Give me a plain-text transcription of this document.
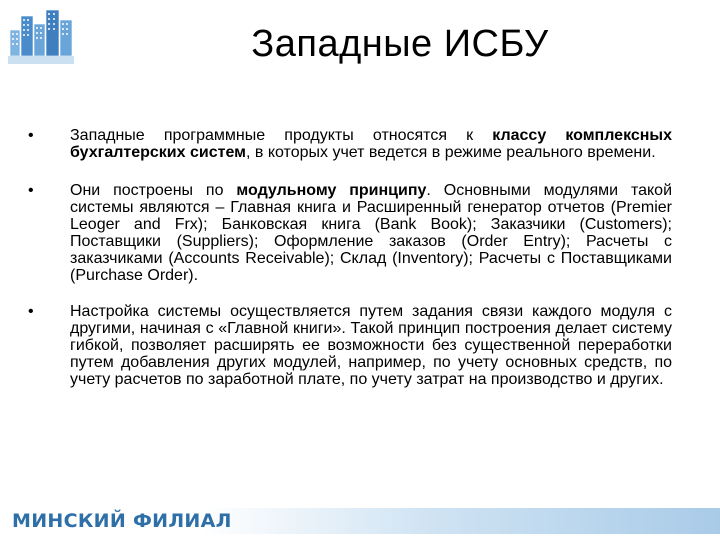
Западные ИСБУ
•	Западные программные продукты относятся к классу комплексных бухгалтерских систем, в которых учет ведется в режиме реального времени.
•	Они построены по модульному принципу. Основными модулями такой системы являются – Главная книга и Расширенный генератор отчетов (Premier Leoger and Frx); Банковская книга (Bank Book); Заказчики (Customers); Поставщики (Suppliers); Оформление заказов (Order Entry); Расчеты с заказчиками (Accounts Receivable); Склад (Inventory); Расчеты с Поставщиками (Purchase Order).
•	Настройка системы осуществляется путем задания связи каждого модуля с другими, начиная с «Главной книги». Такой принцип построения делает систему гибкой, позволяет расширять ее возможности без существенной переработки путем добавления других модулей, например, по учету основных средств, по учету расчетов по заработной плате, по учету затрат на производство и других.
МИНСКИЙ ФИЛИАЛ
